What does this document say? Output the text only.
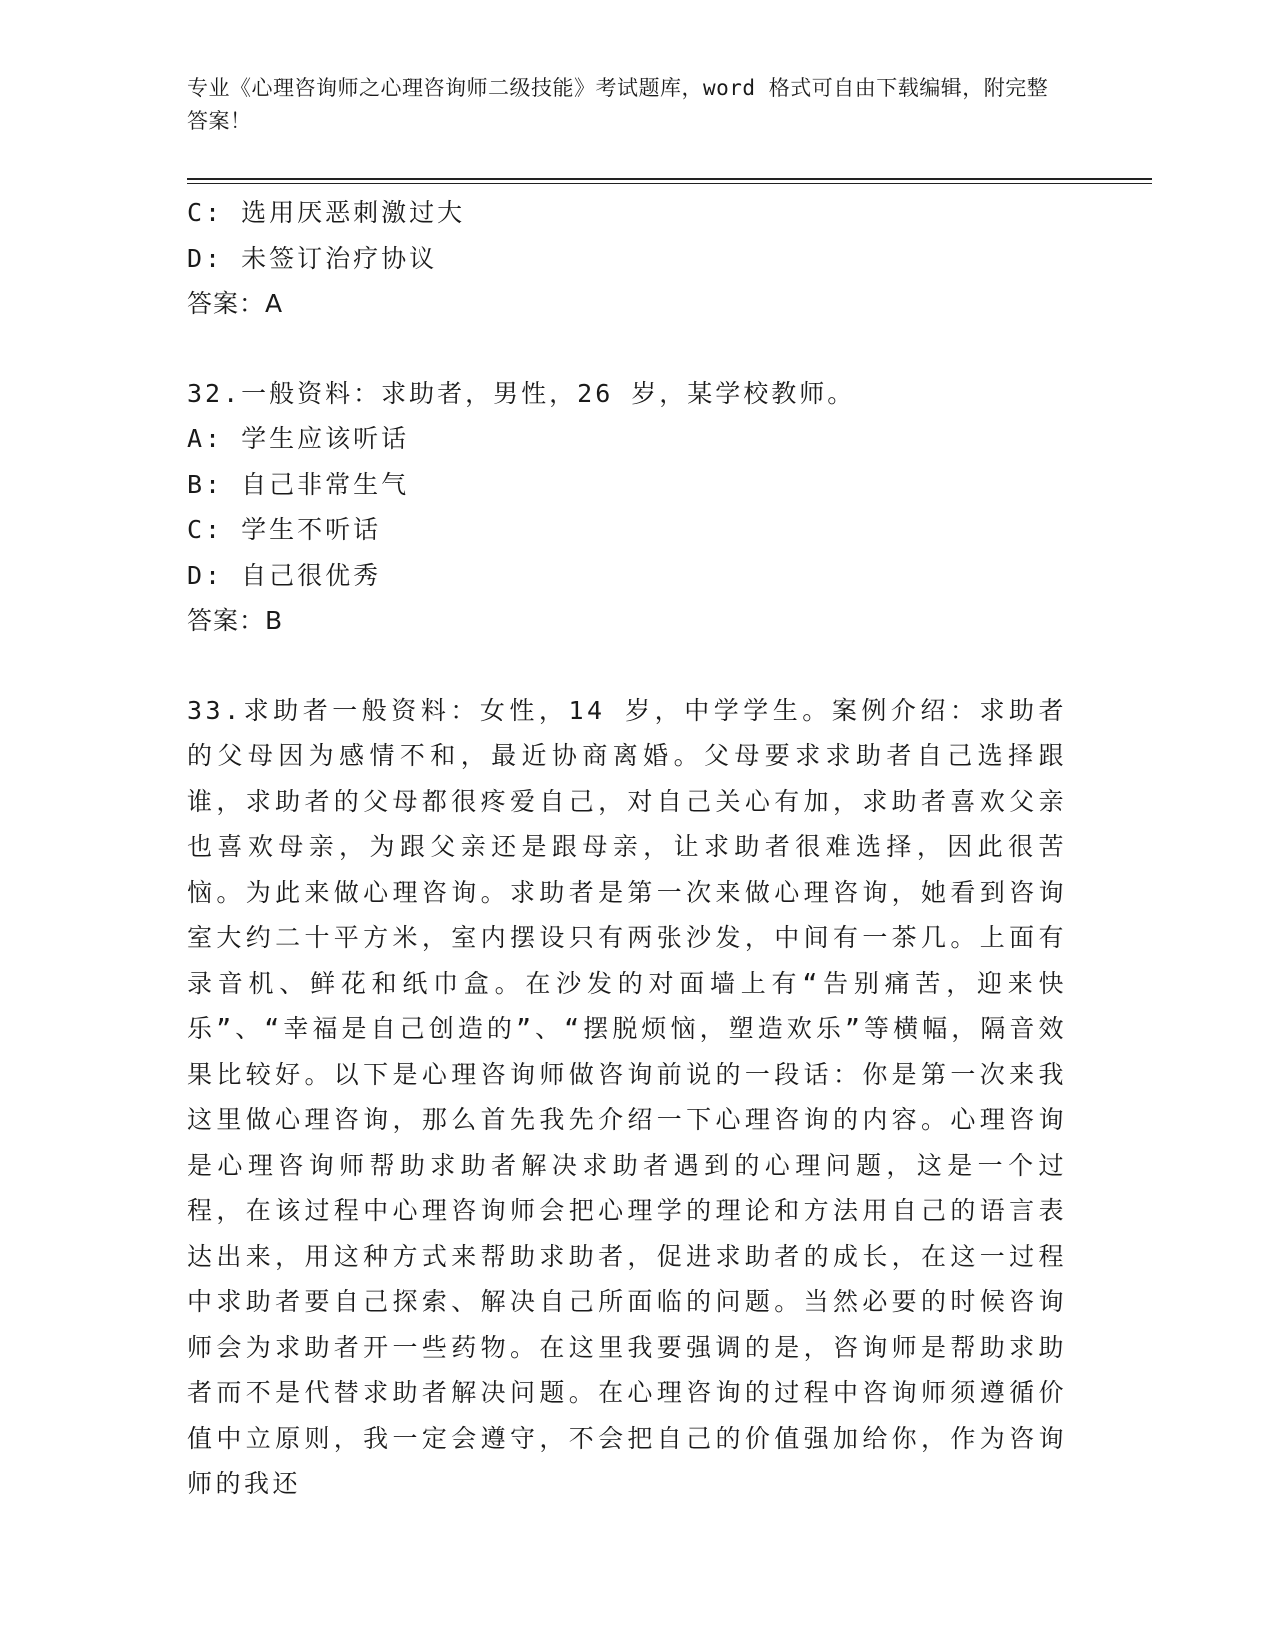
专业《心理咨询师之心理咨询师二级技能》考试题库，word 格式可自由下载编辑，附完整答案！
C: 选用厌恶刺激过大
D: 未签订治疗协议
答案：A
32.一般资料：求助者，男性，26 岁，某学校教师。
A: 学生应该听话
B: 自己非常生气
C: 学生不听话
D: 自己很优秀
答案：B
33.求助者一般资料：女性，14 岁，中学学生。案例介绍：求助者的父母因为感情不和，最近协商离婚。父母要求求助者自己选择跟谁，求助者的父母都很疼爱自己，对自己关心有加，求助者喜欢父亲也喜欢母亲，为跟父亲还是跟母亲，让求助者很难选择，因此很苦恼。为此来做心理咨询。求助者是第一次来做心理咨询，她看到咨询室大约二十平方米，室内摆设只有两张沙发，中间有一茶几。上面有录音机、鲜花和纸巾盒。在沙发的对面墙上有“告别痛苦，迎来快乐”、“幸福是自己创造的”、“摆脱烦恼，塑造欢乐”等横幅，隔音效果比较好。以下是心理咨询师做咨询前说的一段话：你是第一次来我这里做心理咨询，那么首先我先介绍一下心理咨询的内容。心理咨询是心理咨询师帮助求助者解决求助者遇到的心理问题，这是一个过程，在该过程中心理咨询师会把心理学的理论和方法用自己的语言表达出来，用这种方式来帮助求助者，促进求助者的成长，在这一过程中求助者要自己探索、解决自己所面临的问题。当然必要的时候咨询师会为求助者开一些药物。在这里我要强调的是，咨询师是帮助求助者而不是代替求助者解决问题。在心理咨询的过程中咨询师须遵循价值中立原则，我一定会遵守，不会把自己的价值强加给你，作为咨询师的我还
